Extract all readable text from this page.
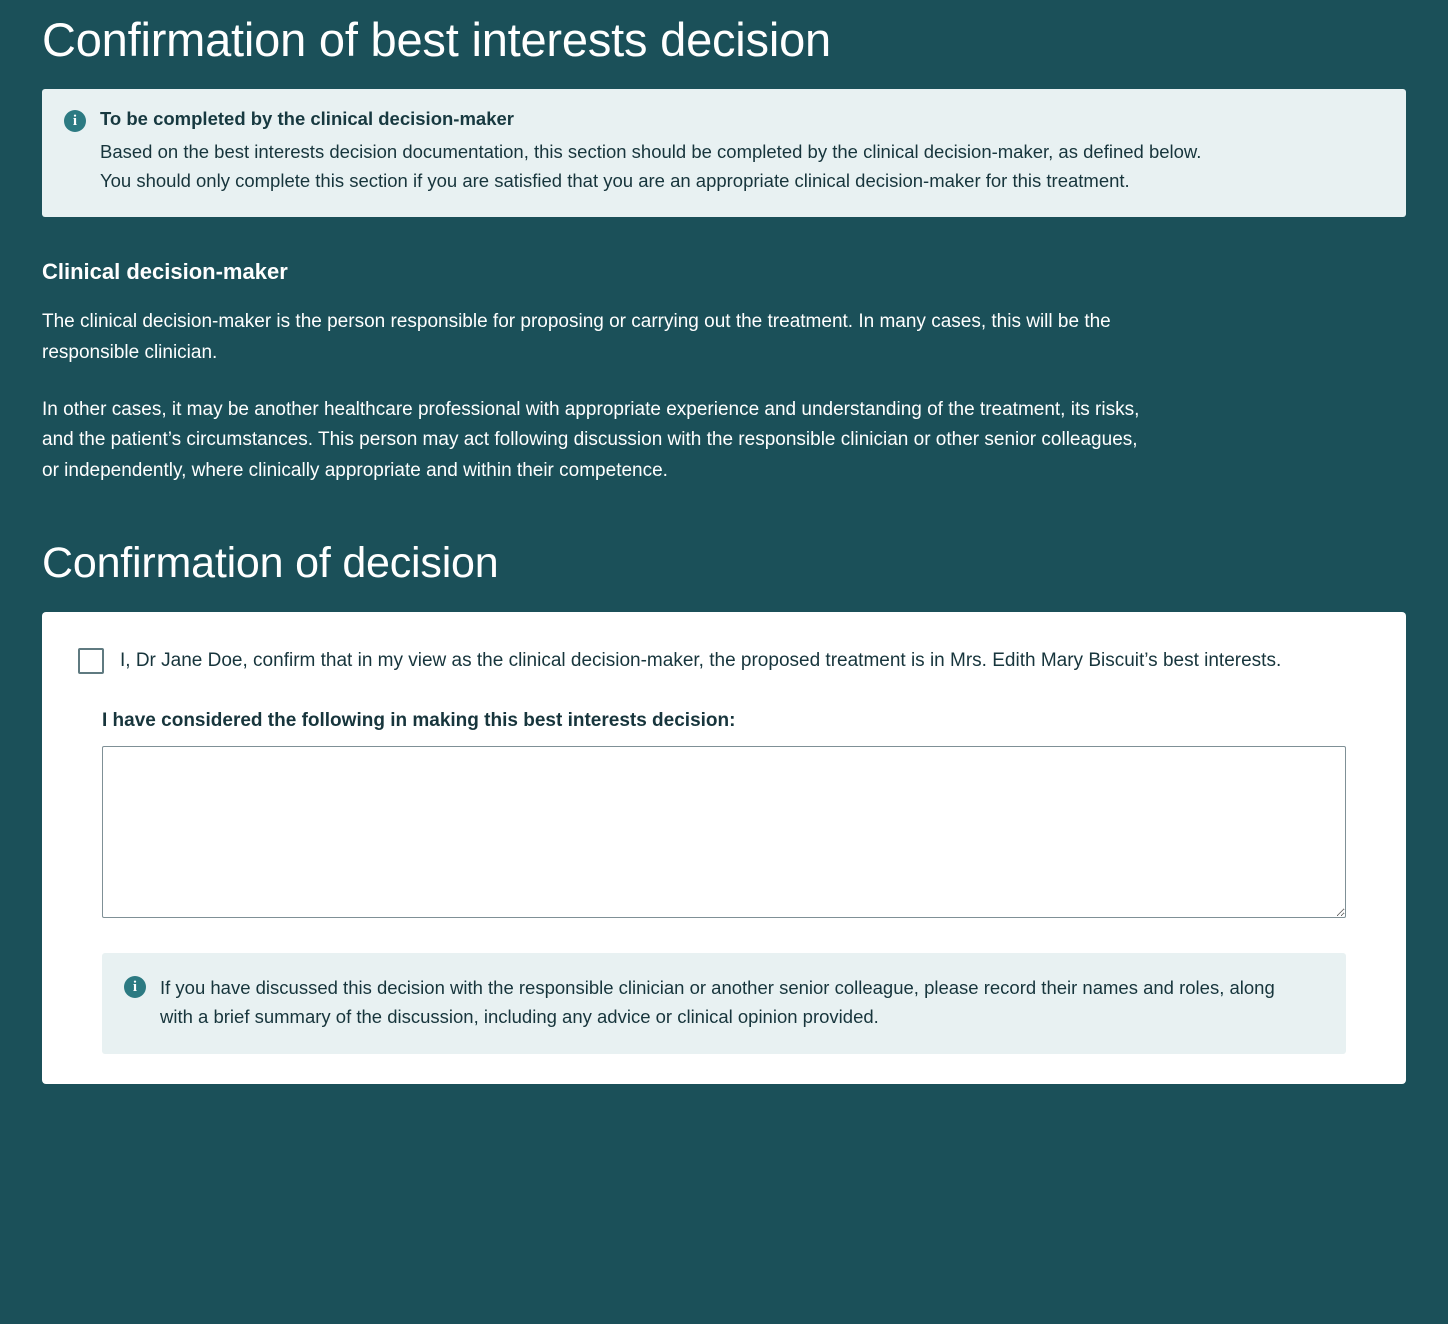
Confirmation of best interests decision
i	To be completed by the clinical decision-maker
Based on the best interests decision documentation, this section should be completed by the clinical decision-maker, as defined below. You should only complete this section if you are satisfied that you are an appropriate clinical decision-maker for this treatment.
Clinical decision-maker

The clinical decision-maker is the person responsible for proposing or carrying out the treatment. In many cases, this will be the responsible clinician.

In other cases, it may be another healthcare professional with appropriate experience and understanding of the treatment, its risks, and the patient’s circumstances. This person may act following discussion with the responsible clinician or other senior colleagues, or independently, where clinically appropriate and within their competence.

Confirmation of decision
I, Dr Jane Doe, confirm that in my view as the clinical decision-maker, the proposed treatment is in Mrs. Edith Mary Biscuit’s best interests.
I have considered the following in making this best interests decision:
i	If you have discussed this decision with the responsible clinician or another senior colleague, please record their names and roles, along with a brief summary of the discussion, including any advice or clinical opinion provided.
